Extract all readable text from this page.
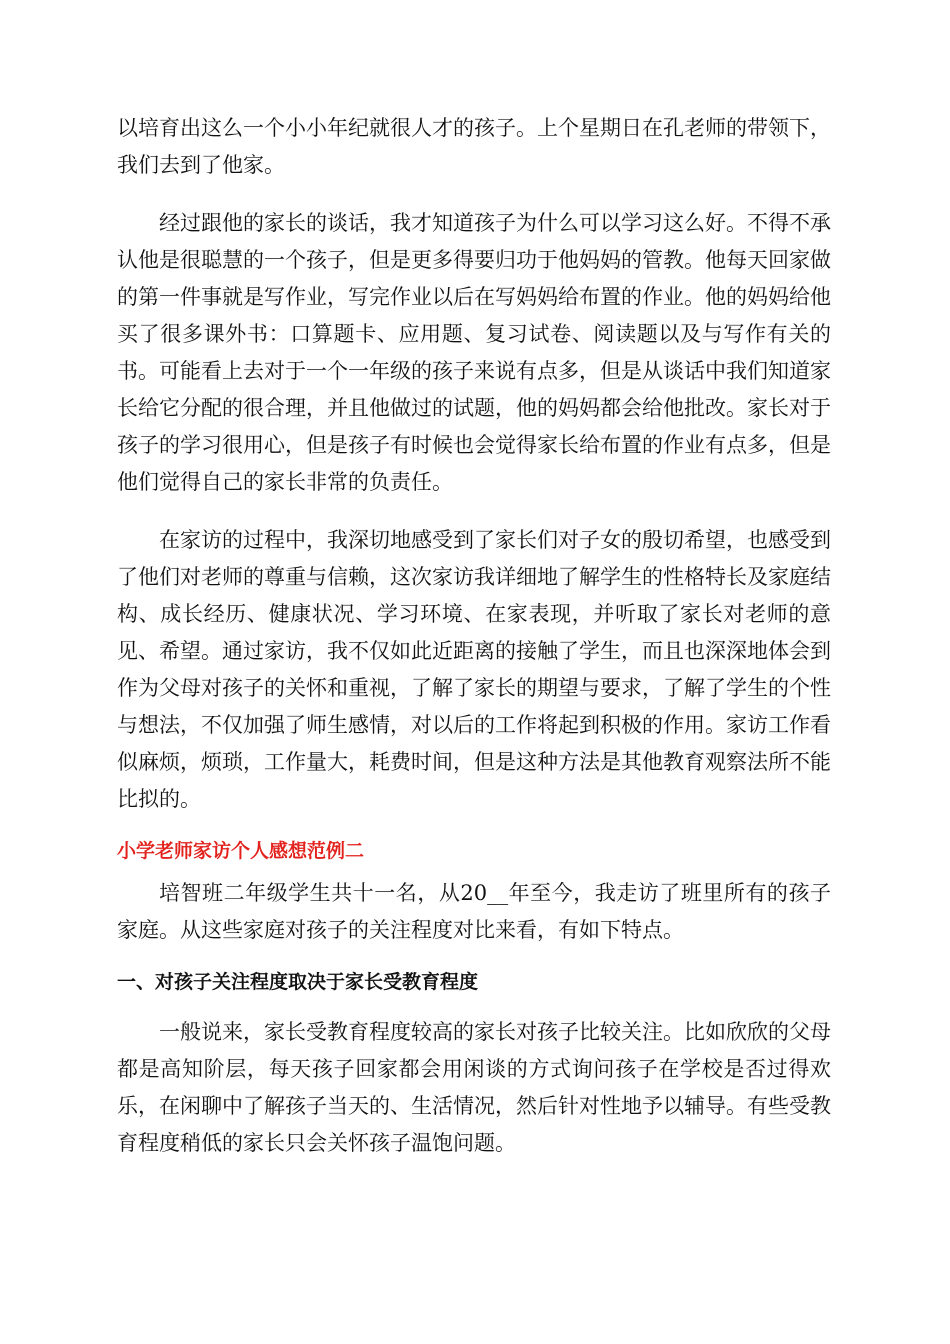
以培育出这么一个小小年纪就很人才的孩子。上个星期日在孔老师的带领下，我们去到了他家。

经过跟他的家长的谈话，我才知道孩子为什么可以学习这么好。不得不承认他是很聪慧的一个孩子，但是更多得要归功于他妈妈的管教。他每天回家做的第一件事就是写作业，写完作业以后在写妈妈给布置的作业。他的妈妈给他买了很多课外书：口算题卡、应用题、复习试卷、阅读题以及与写作有关的书。可能看上去对于一个一年级的孩子来说有点多，但是从谈话中我们知道家长给它分配的很合理，并且他做过的试题，他的妈妈都会给他批改。家长对于孩子的学习很用心，但是孩子有时候也会觉得家长给布置的作业有点多，但是他们觉得自己的家长非常的负责任。

在家访的过程中，我深切地感受到了家长们对子女的殷切希望，也感受到了他们对老师的尊重与信赖，这次家访我详细地了解学生的性格特长及家庭结构、成长经历、健康状况、学习环境、在家表现，并听取了家长对老师的意见、希望。通过家访，我不仅如此近距离的接触了学生，而且也深深地体会到作为父母对孩子的关怀和重视，了解了家长的期望与要求，了解了学生的个性与想法，不仅加强了师生感情，对以后的工作将起到积极的作用。家访工作看似麻烦，烦琐，工作量大，耗费时间，但是这种方法是其他教育观察法所不能比拟的。

小学老师家访个人感想范例二

培智班二年级学生共十一名，从20__年至今，我走访了班里所有的孩子家庭。从这些家庭对孩子的关注程度对比来看，有如下特点。

一、对孩子关注程度取决于家长受教育程度

一般说来，家长受教育程度较高的家长对孩子比较关注。比如欣欣的父母都是高知阶层，每天孩子回家都会用闲谈的方式询问孩子在学校是否过得欢乐，在闲聊中了解孩子当天的、生活情况，然后针对性地予以辅导。有些受教育程度稍低的家长只会关怀孩子温饱问题。
